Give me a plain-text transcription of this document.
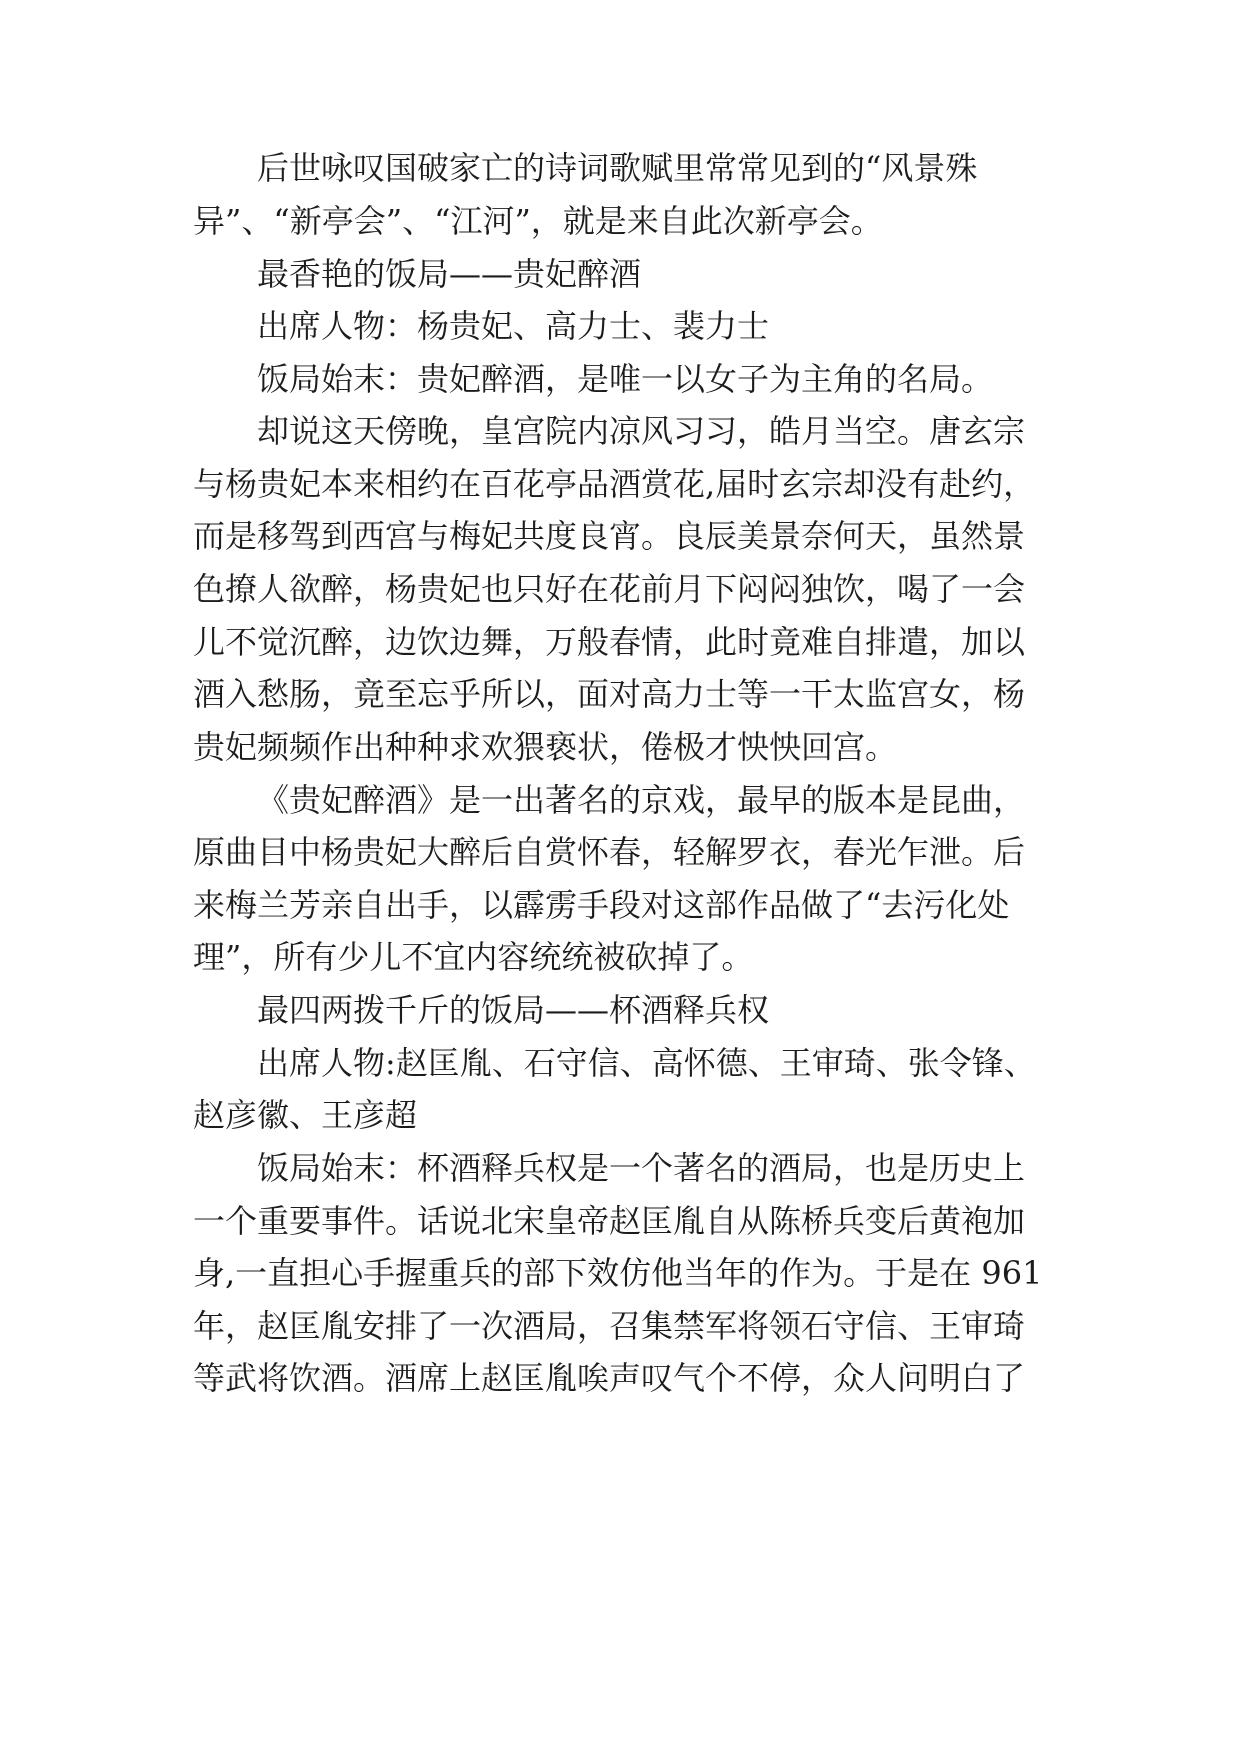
后世咏叹国破家亡的诗词歌赋里常常见到的“风景殊

异”、“新亭会”、“江河”，就是来自此次新亭会。

最香艳的饭局——贵妃醉酒

出席人物：杨贵妃、高力士、裴力士

饭局始末：贵妃醉酒，是唯一以女子为主角的名局。

却说这天傍晚，皇宫院内凉风习习，皓月当空。唐玄宗

与杨贵妃本来相约在百花亭品酒赏花,届时玄宗却没有赴约，

而是移驾到西宫与梅妃共度良宵。良辰美景奈何天，虽然景

色撩人欲醉，杨贵妃也只好在花前月下闷闷独饮，喝了一会

儿不觉沉醉，边饮边舞，万般春情，此时竟难自排遣，加以

酒入愁肠，竟至忘乎所以，面对高力士等一干太监宫女，杨

贵妃频频作出种种求欢猥亵状，倦极才怏怏回宫。

《贵妃醉酒》是一出著名的京戏，最早的版本是昆曲，

原曲目中杨贵妃大醉后自赏怀春，轻解罗衣，春光乍泄。后

来梅兰芳亲自出手，以霹雳手段对这部作品做了“去污化处

理”，所有少儿不宜内容统统被砍掉了。

最四两拨千斤的饭局——杯酒释兵权

出席人物:赵匡胤、石守信、高怀德、王审琦、张令锋、

赵彦徽、王彦超

饭局始末：杯酒释兵权是一个著名的酒局，也是历史上

一个重要事件。话说北宋皇帝赵匡胤自从陈桥兵变后黄袍加

身,一直担心手握重兵的部下效仿他当年的作为。于是在 961

年，赵匡胤安排了一次酒局，召集禁军将领石守信、王审琦

等武将饮酒。酒席上赵匡胤唉声叹气个不停，众人问明白了
